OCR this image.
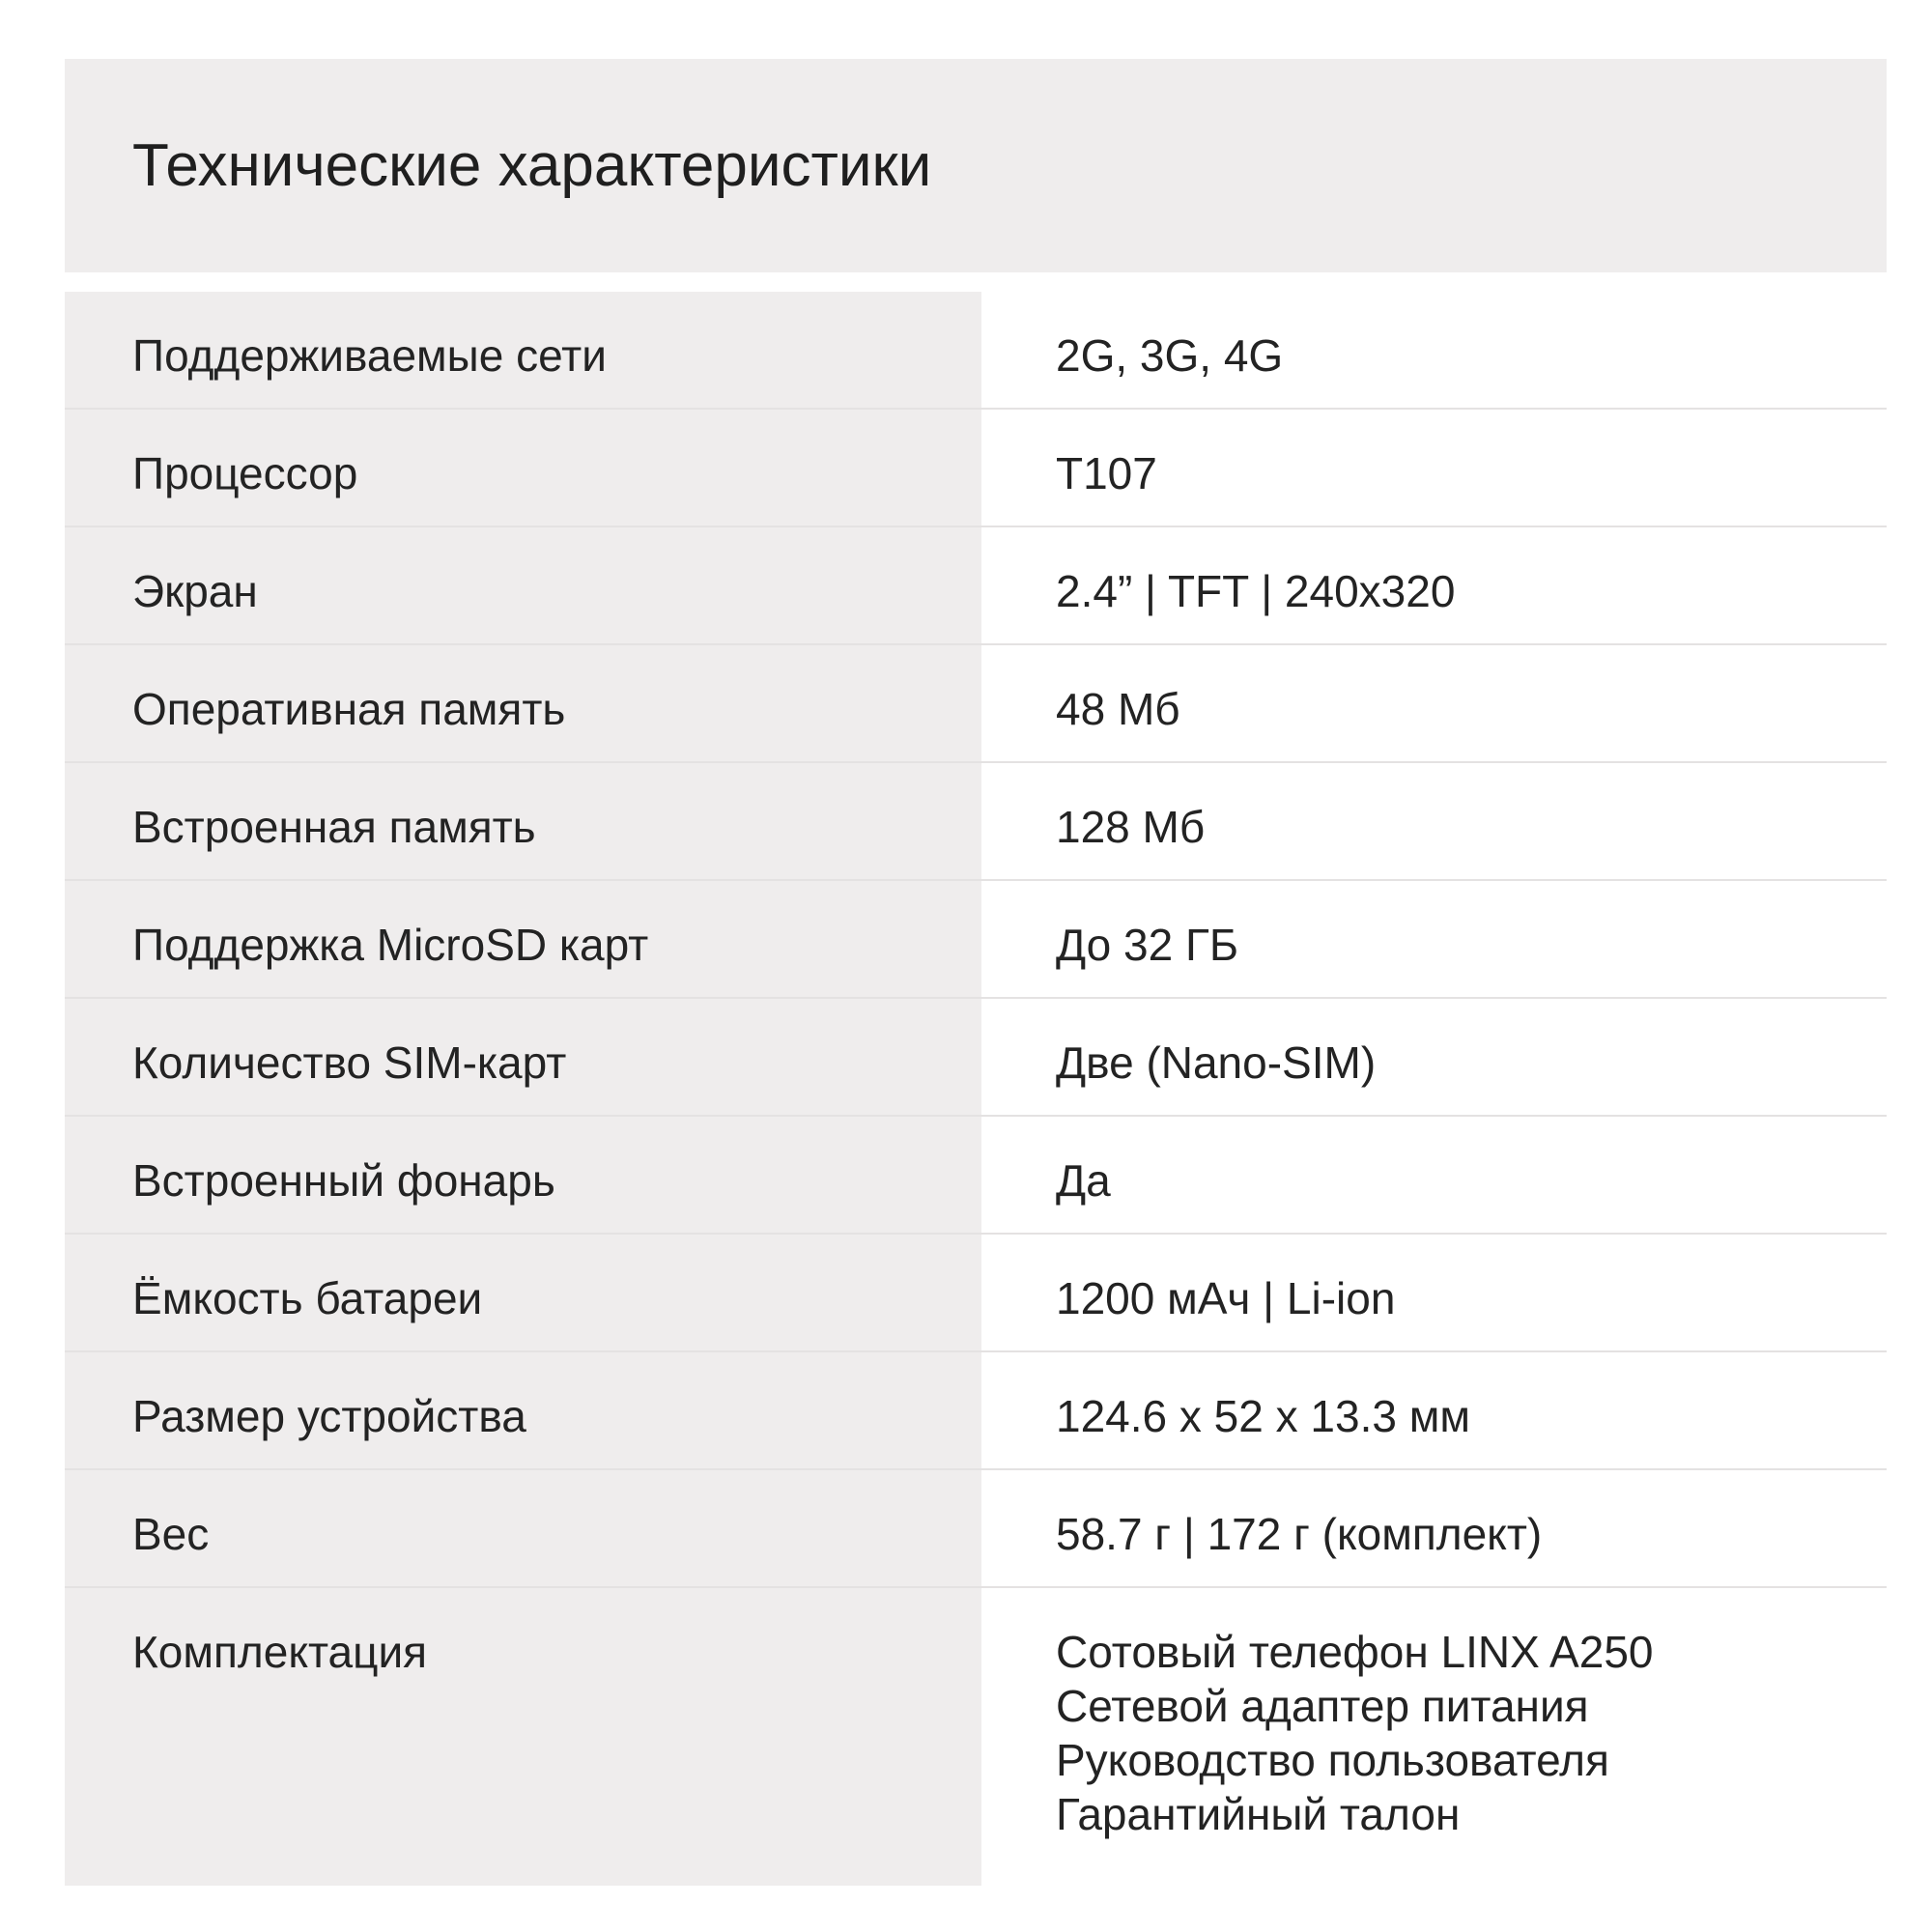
Технические характеристики
Поддерживаемые сети	2G, 3G, 4G
Процессор	T107
Экран	2.4” | TFT | 240x320
Оперативная память	48 Мб
Встроенная память	128 Мб
Поддержка MicroSD карт	До 32 ГБ
Количество SIM-карт	Две (Nano-SIM)
Встроенный фонарь	Да
Ёмкость батареи	1200 мАч | Li-ion
Размер устройства	124.6 x 52 x 13.3 мм
Вес	58.7 г | 172 г (комплект)
Комплектация	Сотовый телефон LINX A250
Сетевой адаптер питания
Руководство пользователя
Гарантийный талон
